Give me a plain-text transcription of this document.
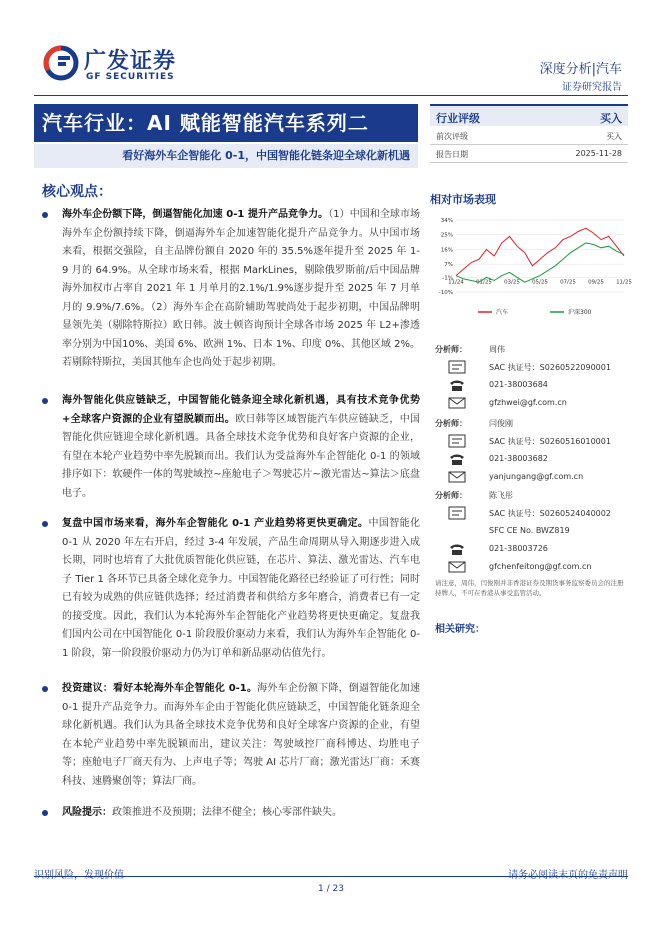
广发证券
GF SECURITIES	深度分析|汽车
证券研究报告
汽车行业：AI 赋能智能汽车系列二
看好海外车企智能化 0-1，中国智能化链条迎全球化新机遇
行业评级	买入
前次评级	买入
报告日期	2025-11-28
核心观点：
海外车企份额下降，倒逼智能化加速 0-1 提升产品竞争力。（1）中国和全球市场海外车企份额持续下降，倒逼海外车企加速智能化提升产品竞争力。从中国市场来看，根据交强险，自主品牌份额自 2020 年的 35.5%逐年提升至 2025 年 1-9 月的 64.9%。从全球市场来看，根据 MarkLines，剔除俄罗斯前/后中国品牌海外加权市占率自 2021 年 1 月单月的2.1%/1.9%逐步提升至 2025 年 7 月单月的 9.9%/7.6%。（2）海外车企在高阶辅助驾驶尚处于起步初期，中国品牌明显领先美（剔除特斯拉）欧日韩。波士顿咨询预计全球各市场 2025 年 L2+渗透率分别为中国10%、美国 6%、欧洲 1%、日本 1%、印度 0%、其他区域 2%。若剔除特斯拉，美国其他车企也尚处于起步初期。
海外智能化供应链缺乏，中国智能化链条迎全球化新机遇，具有技术竞争优势+全球客户资源的企业有望脱颖而出。欧日韩等区域智能汽车供应链缺乏，中国智能化供应链迎全球化新机遇。具备全球技术竞争优势和良好客户资源的企业，有望在本轮产业趋势中率先脱颖而出。我们认为受益海外车企智能化 0-1 的领域排序如下：软硬件一体的驾驶域控~座舱电子＞驾驶芯片~激光雷达~算法＞底盘电子。
复盘中国市场来看，海外车企智能化 0-1 产业趋势将更快更确定。中国智能化 0-1 从 2020 年左右开启，经过 3-4 年发展，产品生命周期从导入期逐步进入成长期，同时也培育了大批优质智能化供应链，在芯片、算法、激光雷达、汽车电子 Tier 1 各环节已具备全球化竞争力。中国智能化路径已经验证了可行性；同时已有较为成熟的供应链供选择；经过消费者和供给方多年磨合，消费者已有一定的接受度。因此，我们认为本轮海外车企智能化产业趋势将更快更确定。复盘我们国内公司在中国智能化 0-1 阶段股价驱动力来看，我们认为海外车企智能化 0-1 阶段，第一阶段股价驱动力仍为订单和新品驱动估值先行。
投资建议：看好本轮海外车企智能化 0-1。海外车企份额下降，倒逼智能化加速 0-1 提升产品竞争力。而海外车企由于智能化供应链缺乏，中国智能化链条迎全球化新机遇。我们认为具备全球技术竞争优势和良好全球客户资源的企业，有望在本轮产业趋势中率先脱颖而出，建议关注：驾驶域控厂商科博达、均胜电子等；座舱电子厂商天有为、上声电子等；驾驶 AI 芯片厂商；激光雷达厂商：禾赛科技、速腾聚创等；算法厂商。
风险提示：政策推进不及预期；法律不健全；核心零部件缺失。
相对市场表现
34%
25%
16%
7%
-1%
-10%
11/24 01/25 03/25 05/25 07/25 09/25 11/25
汽车	沪深300
分析师：	周伟
SAC 执证号：S0260522090001
021-38003684
gfzhwei@gf.com.cn
分析师：	闫俊刚
SAC 执证号：S0260516010001
021-38003682
yanjungang@gf.com.cn
分析师：	陈飞彤
SAC 执证号：S0260524040002
SFC CE No. BWZ819
021-38003726
gfchenfeitong@gf.com.cn
请注意，周伟，闫俊刚并非香港证券及期货事务监察委员会的注册持牌人，不可在香港从事受监管活动。
相关研究：
1 / 23
